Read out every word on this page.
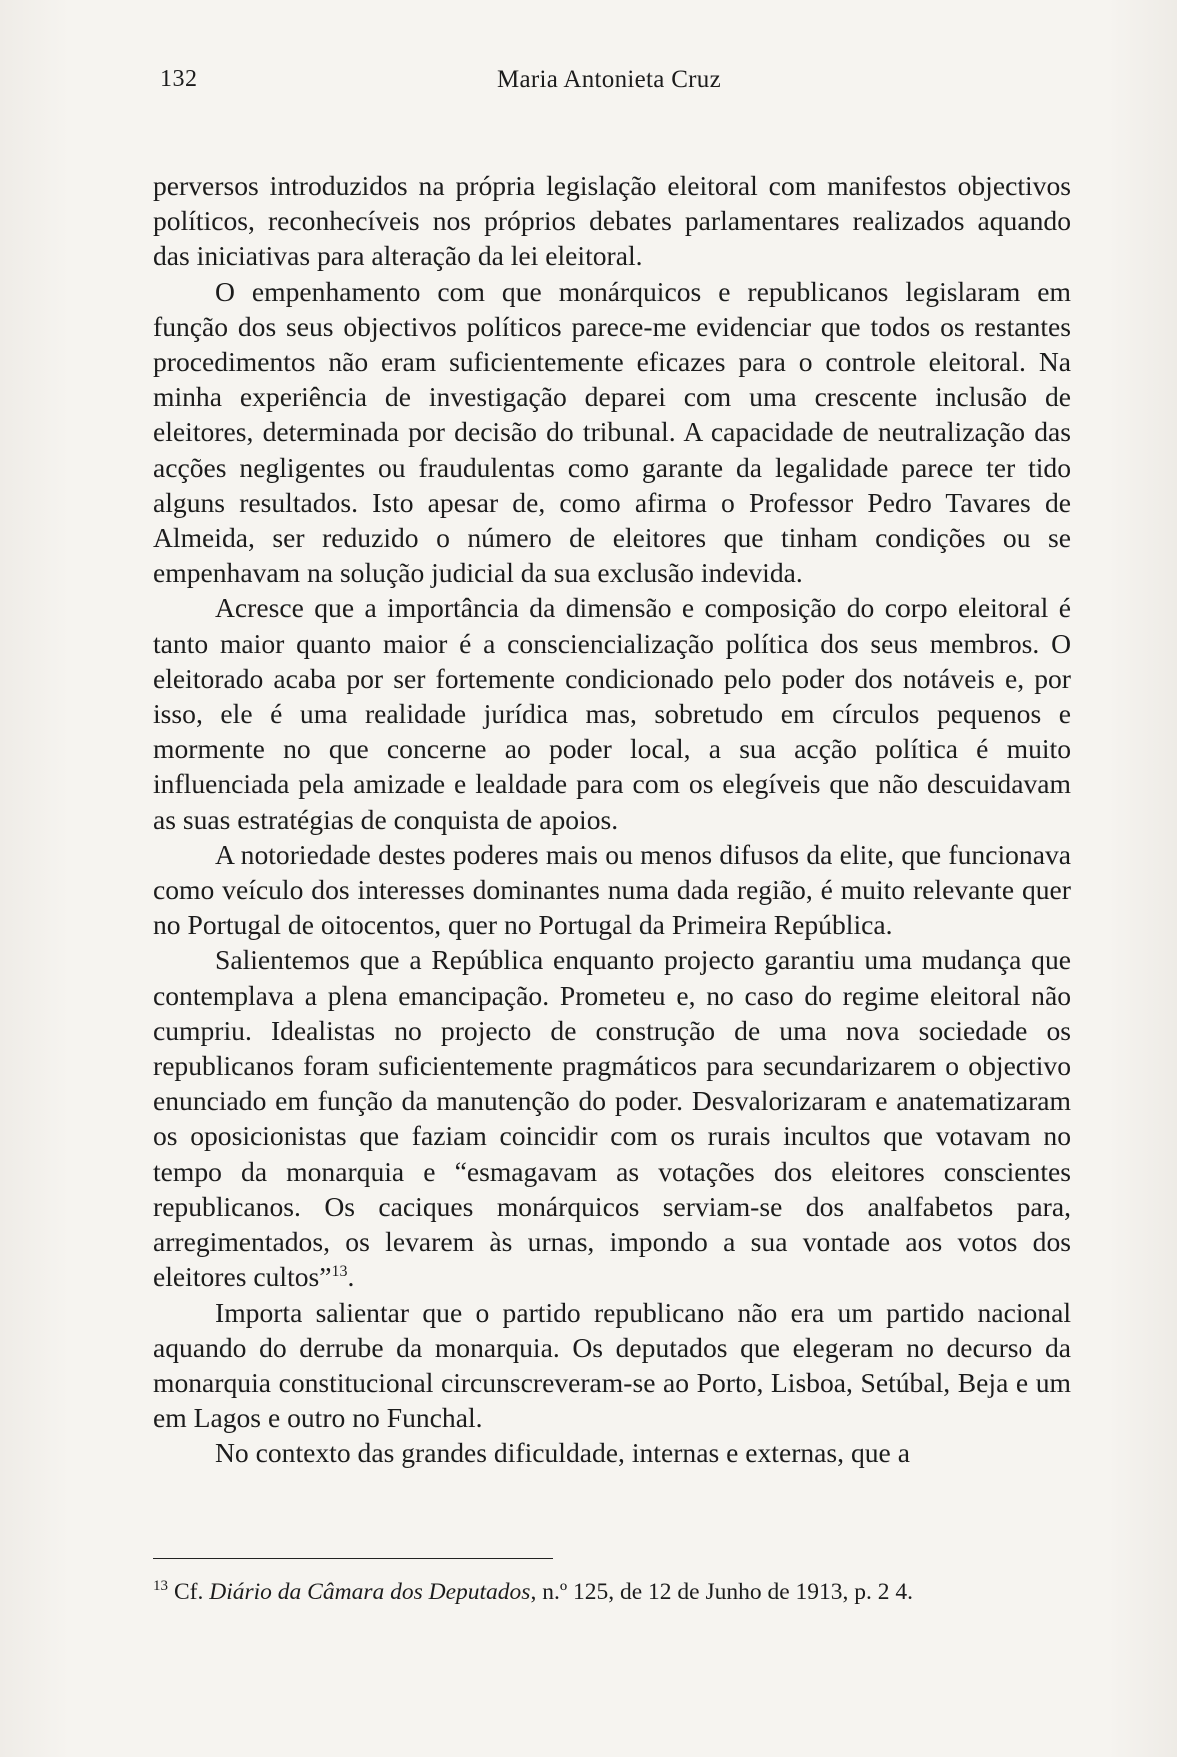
132	Maria Antonieta Cruz

perversos introduzidos na própria legislação eleitoral com manifestos objectivos políticos, reconhecíveis nos próprios debates parlamentares realizados aquando das iniciativas para alteração da lei eleitoral.

O empenhamento com que monárquicos e republicanos legislaram em função dos seus objectivos políticos parece-me evidenciar que todos os restantes procedimentos não eram suficientemente eficazes para o controle eleitoral. Na minha experiência de investigação deparei com uma crescente inclusão de eleitores, determinada por decisão do tribunal. A capacidade de neutralização das acções negligentes ou fraudulentas como garante da legalidade parece ter tido alguns resultados. Isto apesar de, como afirma o Professor Pedro Tavares de Almeida, ser reduzido o número de eleitores que tinham condições ou se empenhavam na solução judicial da sua exclusão indevida.

Acresce que a importância da dimensão e composição do corpo eleitoral é tanto maior quanto maior é a consciencialização política dos seus membros. O eleitorado acaba por ser fortemente condicionado pelo poder dos notáveis e, por isso, ele é uma realidade jurídica mas, sobretudo em círculos pequenos e mormente no que concerne ao poder local, a sua acção política é muito influenciada pela amizade e lealdade para com os elegíveis que não descuidavam as suas estratégias de conquista de apoios.

A notoriedade destes poderes mais ou menos difusos da elite, que funcionava como veículo dos interesses dominantes numa dada região, é muito relevante quer no Portugal de oitocentos, quer no Portugal da Primeira República.

Salientemos que a República enquanto projecto garantiu uma mudança que contemplava a plena emancipação. Prometeu e, no caso do regime eleitoral não cumpriu. Idealistas no projecto de construção de uma nova sociedade os republicanos foram suficientemente pragmáticos para secundarizarem o objectivo enunciado em função da manutenção do poder. Desvalorizaram e anatematizaram os oposicionistas que faziam coincidir com os rurais incultos que votavam no tempo da monarquia e “esmagavam as votações dos eleitores conscientes republicanos. Os caciques monárquicos serviam-se dos analfabetos para, arregimentados, os levarem às urnas, impondo a sua vontade aos votos dos eleitores cultos”$^{13}$.

Importa salientar que o partido republicano não era um partido nacional aquando do derrube da monarquia. Os deputados que elegeram no decurso da monarquia constitucional circunscreveram-se ao Porto, Lisboa, Setúbal, Beja e um em Lagos e outro no Funchal.

No contexto das grandes dificuldade, internas e externas, que a

$^{13}$ Cf. Diário da Câmara dos Deputados, n.º 125, de 12 de Junho de 1913, p. 2 4.
